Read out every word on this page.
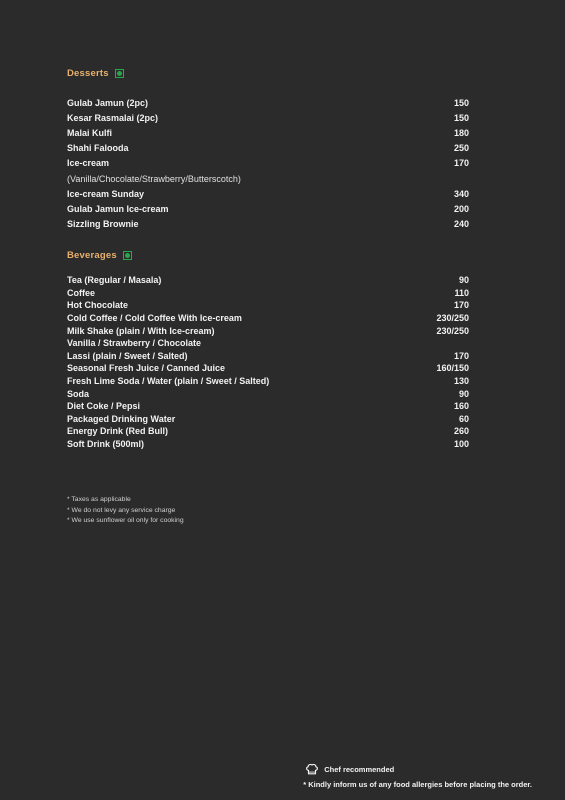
Desserts
Gulab Jamun (2pc)	150
Kesar Rasmalai (2pc)	150
Malai Kulfi	180
Shahi Falooda	250
Ice-cream	170
(Vanilla/Chocolate/Strawberry/Butterscotch)
Ice-cream Sunday	340
Gulab Jamun Ice-cream	200
Sizzling Brownie	240
Beverages
Tea (Regular / Masala)	90
Coffee	110
Hot Chocolate	170
Cold Coffee / Cold Coffee With Ice-cream	230/250
Milk Shake (plain / With Ice-cream)	230/250
Vanilla / Strawberry / Chocolate
Lassi (plain / Sweet / Salted)	170
Seasonal Fresh Juice / Canned Juice	160/150
Fresh Lime Soda / Water (plain / Sweet / Salted)	130
Soda	90
Diet Coke / Pepsi	160
Packaged Drinking Water	60
Energy Drink (Red Bull)	260
Soft Drink (500ml)	100
* Taxes as applicable
* We do not levy any service charge
* We use sunflower oil only for cooking
Chef recommended
* Kindly inform us of any food allergies before placing the order.
